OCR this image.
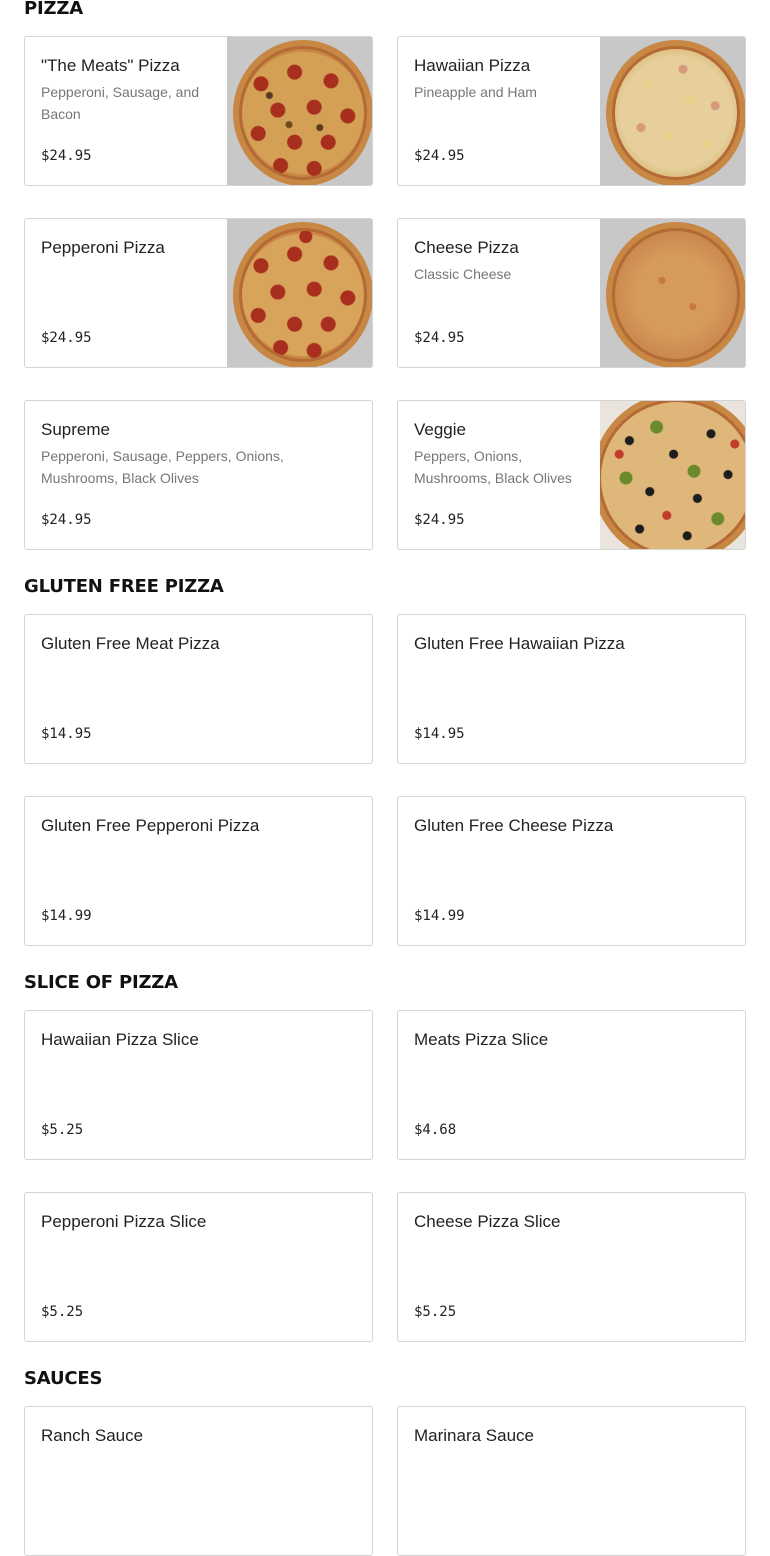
PIZZA
"The Meats" Pizza
Pepperoni, Sausage, and Bacon
$24.95
Hawaiian Pizza
Pineapple and Ham
$24.95
Pepperoni Pizza
$24.95
Cheese Pizza
Classic Cheese
$24.95
Supreme
Pepperoni, Sausage, Peppers, Onions, Mushrooms, Black Olives
$24.95
Veggie
Peppers, Onions, Mushrooms, Black Olives
$24.95
GLUTEN FREE PIZZA
Gluten Free Meat Pizza
$14.95
Gluten Free Hawaiian Pizza
$14.95
Gluten Free Pepperoni Pizza
$14.99
Gluten Free Cheese Pizza
$14.99
SLICE OF PIZZA
Hawaiian Pizza Slice
$5.25
Meats Pizza Slice
$4.68
Pepperoni Pizza Slice
$5.25
Cheese Pizza Slice
$5.25
SAUCES
Ranch Sauce	Marinara Sauce
